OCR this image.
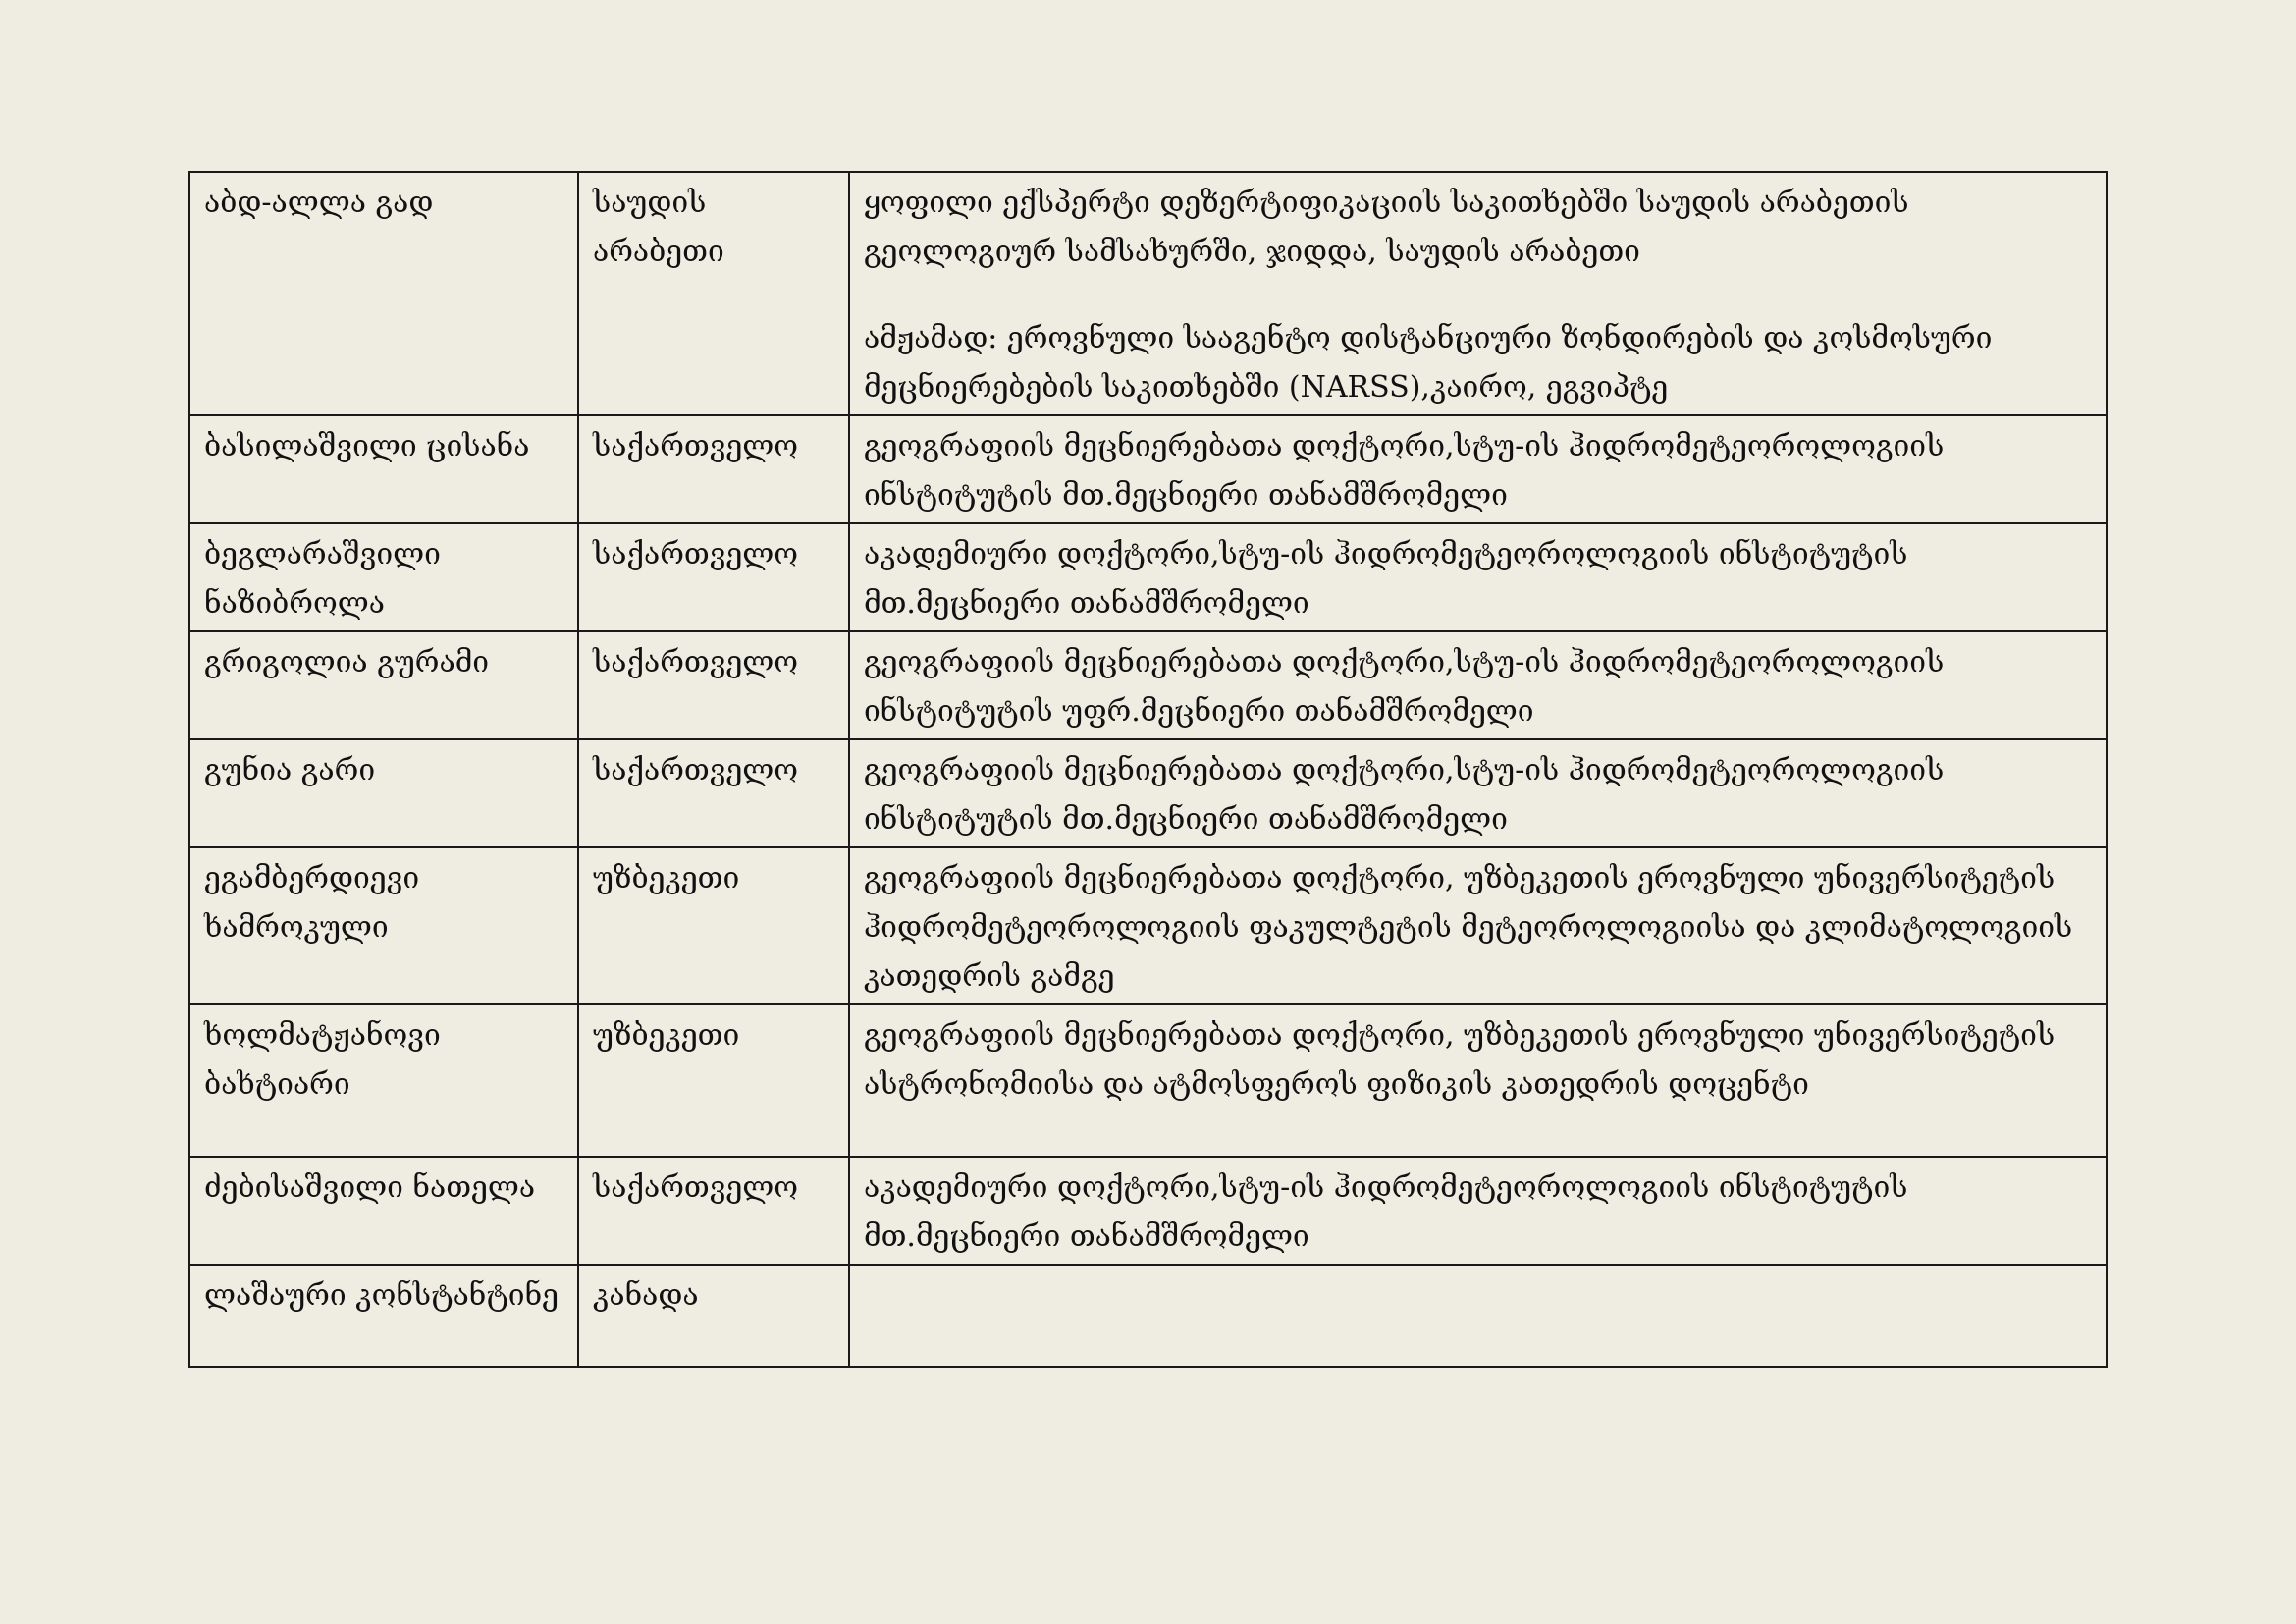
აბდ-ალლა გად	საუდის არაბეთი	ყოფილი ექსპერტი დეზერტიფიკაციის საკითხებში საუდის არაბეთის გეოლოგიურ სამსახურში, ჯიდდა, საუდის არაბეთი
ამჟამად: ეროვნული სააგენტო დისტანციური ზონდირების და კოსმოსური მეცნიერებების საკითხებში (NARSS),კაირო, ეგვიპტე

ბასილაშვილი ცისანა	საქართველო	გეოგრაფიის მეცნიერებათა დოქტორი,სტუ-ის ჰიდრომეტეოროლოგიის ინსტიტუტის მთ.მეცნიერი თანამშრომელი
ბეგლარაშვილი ნაზიბროლა	საქართველო	აკადემიური დოქტორი,სტუ-ის ჰიდრომეტეოროლოგიის ინსტიტუტის მთ.მეცნიერი თანამშრომელი
გრიგოლია გურამი	საქართველო	გეოგრაფიის მეცნიერებათა დოქტორი,სტუ-ის ჰიდრომეტეოროლოგიის ინსტიტუტის უფრ.მეცნიერი თანამშრომელი
გუნია გარი	საქართველო	გეოგრაფიის მეცნიერებათა დოქტორი,სტუ-ის ჰიდრომეტეოროლოგიის ინსტიტუტის მთ.მეცნიერი თანამშრომელი
ეგამბერდიევი ხამროკული	უზბეკეთი	გეოგრაფიის მეცნიერებათა დოქტორი, უზბეკეთის ეროვნული უნივერსიტეტის ჰიდრომეტეოროლოგიის ფაკულტეტის მეტეოროლოგიისა და კლიმატოლოგიის კათედრის გამგე
ხოლმატჟანოვი ბახტიარი	უზბეკეთი	გეოგრაფიის მეცნიერებათა დოქტორი, უზბეკეთის ეროვნული უნივერსიტეტის ასტრონომიისა და ატმოსფეროს ფიზიკის კათედრის დოცენტი
ძებისაშვილი ნათელა	საქართველო	აკადემიური დოქტორი,სტუ-ის ჰიდრომეტეოროლოგიის ინსტიტუტის მთ.მეცნიერი თანამშრომელი
ლაშაური კონსტანტინე	კანადა	
